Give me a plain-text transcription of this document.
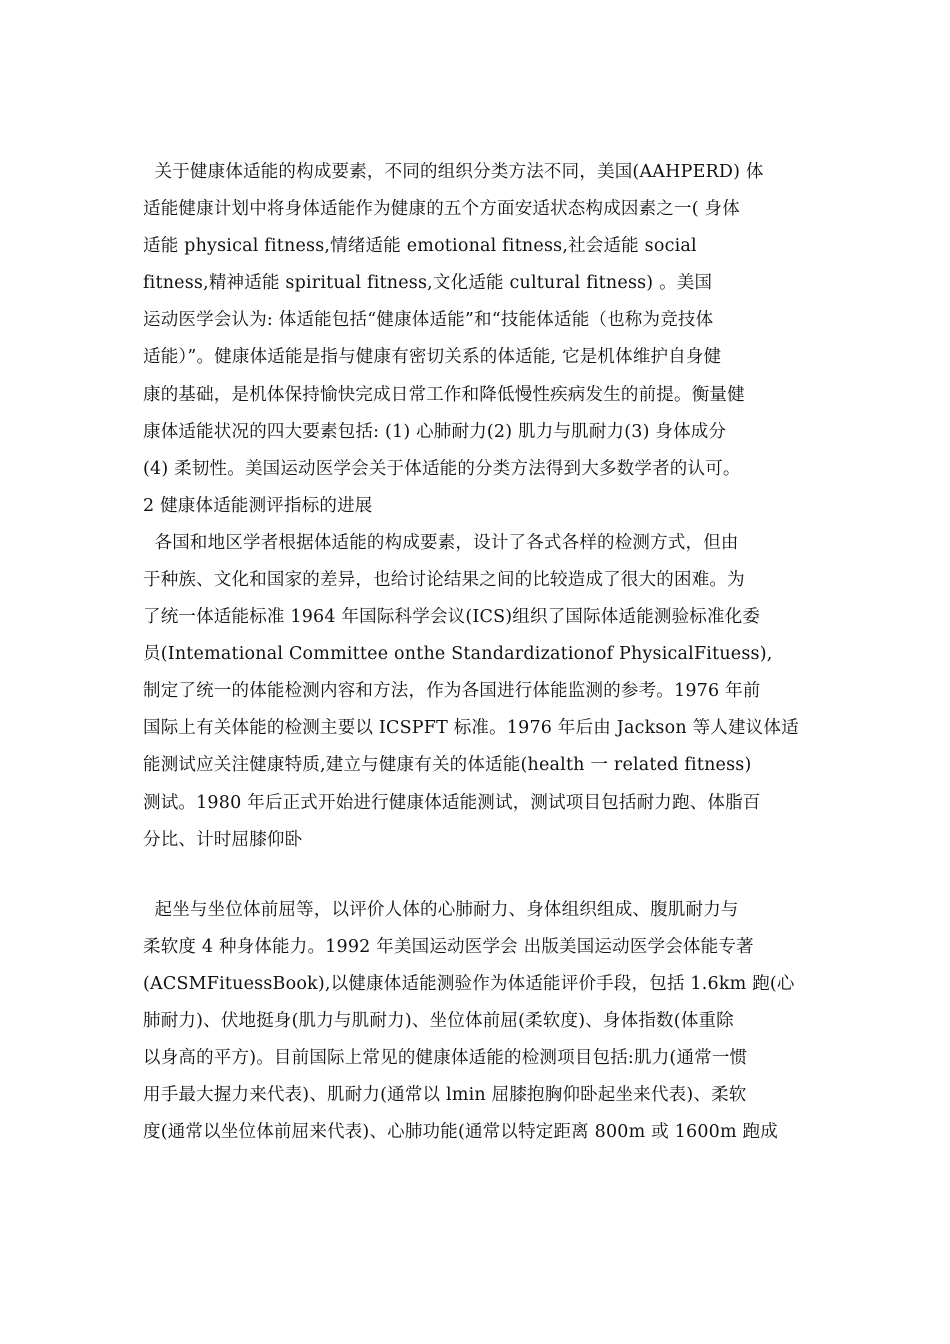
关于健康体适能的构成要素，不同的组织分类方法不同，美国(AAHPERD) 体
适能健康计划中将身体适能作为健康的五个方面安适状态构成因素之一( 身体
适能 physical fitness,情绪适能 emotional fitness,社会适能 social
fitness,精神适能 spiritual fitness,文化适能 cultural fitness) 。美国
运动医学会认为: 体适能包括“健康体适能”和“技能体适能（也称为竞技体
适能）”。健康体适能是指与健康有密切关系的体适能, 它是机体维护自身健
康的基础，是机体保持愉快完成日常工作和降低慢性疾病发生的前提。衡量健
康体适能状况的四大要素包括: (1) 心肺耐力(2) 肌力与肌耐力(3) 身体成分
(4) 柔韧性。美国运动医学会关于体适能的分类方法得到大多数学者的认可。
2 健康体适能测评指标的进展
各国和地区学者根据体适能的构成要素，设计了各式各样的检测方式，但由
于种族、文化和国家的差异，也给讨论结果之间的比较造成了很大的困难。为
了统一体适能标准 1964 年国际科学会议(ICS)组织了国际体适能测验标准化委
员(Intemational Committee onthe Standardizationof PhysicalFituess),
制定了统一的体能检测内容和方法，作为各国进行体能监测的参考。1976 年前
国际上有关体能的检测主要以 ICSPFT 标准。1976 年后由 Jackson 等人建议体适
能测试应关注健康特质,建立与健康有关的体适能(health 一 related fitness)
测试。1980 年后正式开始进行健康体适能测试，测试项目包括耐力跑、体脂百
分比、计时屈膝仰卧
起坐与坐位体前屈等，以评价人体的心肺耐力、身体组织组成、腹肌耐力与
柔软度 4 种身体能力。1992 年美国运动医学会 出版美国运动医学会体能专著
(ACSMFituessBook),以健康体适能测验作为体适能评价手段，包括 1.6km 跑(心
肺耐力)、伏地挺身(肌力与肌耐力)、坐位体前屈(柔软度)、身体指数(体重除
以身高的平方)。目前国际上常见的健康体适能的检测项目包括:肌力(通常一惯
用手最大握力来代表)、肌耐力(通常以 lmin 屈膝抱胸仰卧起坐来代表)、柔软
度(通常以坐位体前屈来代表)、心肺功能(通常以特定距离 800m 或 1600m 跑成
